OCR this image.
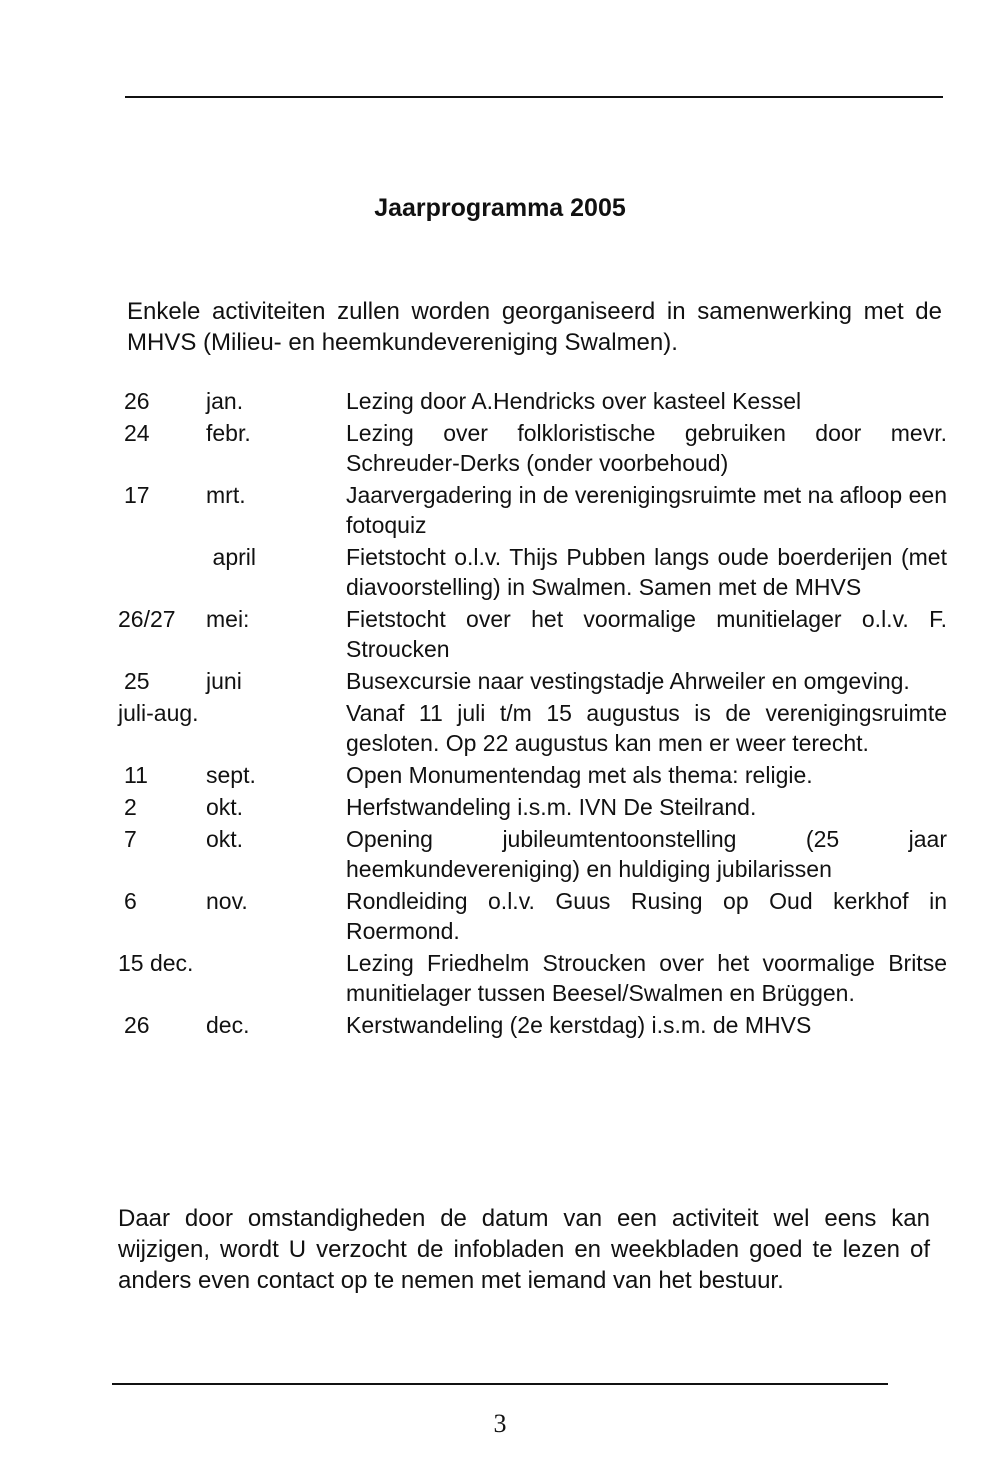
Jaarprogramma 2005
Enkele activiteiten zullen worden georganiseerd in samenwerking met de MHVS (Milieu- en heemkundevereniging Swalmen).
26 jan.	Lezing door A.Hendricks over kasteel Kessel
24 febr.	Lezing over folkloristische gebruiken door mevr. Schreuder-Derks (onder voorbehoud)
17 mrt.	Jaarvergadering in de verenigingsruimte met na afloop een fotoquiz
april	Fietstocht o.l.v. Thijs Pubben langs oude boerderijen (met diavoorstelling) in Swalmen. Samen met de MHVS
26/27 mei:	Fietstocht over het voormalige munitielager o.l.v. F. Stroucken
25 juni	Busexcursie naar vestingstadje Ahrweiler en omgeving.
juli-aug.	Vanaf 11 juli t/m 15 augustus is de verenigingsruimte gesloten. Op 22 augustus kan men er weer terecht.
11	sept.	Open Monumentendag met als thema: religie.
2	okt.	Herfstwandeling i.s.m. IVN De Steilrand.
7	okt.	Opening jubileumtentoonstelling (25 jaar heemkundevereniging) en huldiging jubilarissen
6	nov.	Rondleiding o.l.v. Guus Rusing op Oud kerkhof in Roermond.
15 dec.	Lezing Friedhelm Stroucken over het voormalige Britse munitielager tussen Beesel/Swalmen en Brüggen.
26 dec.	Kerstwandeling (2e kerstdag) i.s.m. de MHVS
Daar door omstandigheden de datum van een activiteit wel eens kan wijzigen, wordt U verzocht de infobladen en weekbladen goed te lezen of anders even contact op te nemen met iemand van het bestuur.
3
